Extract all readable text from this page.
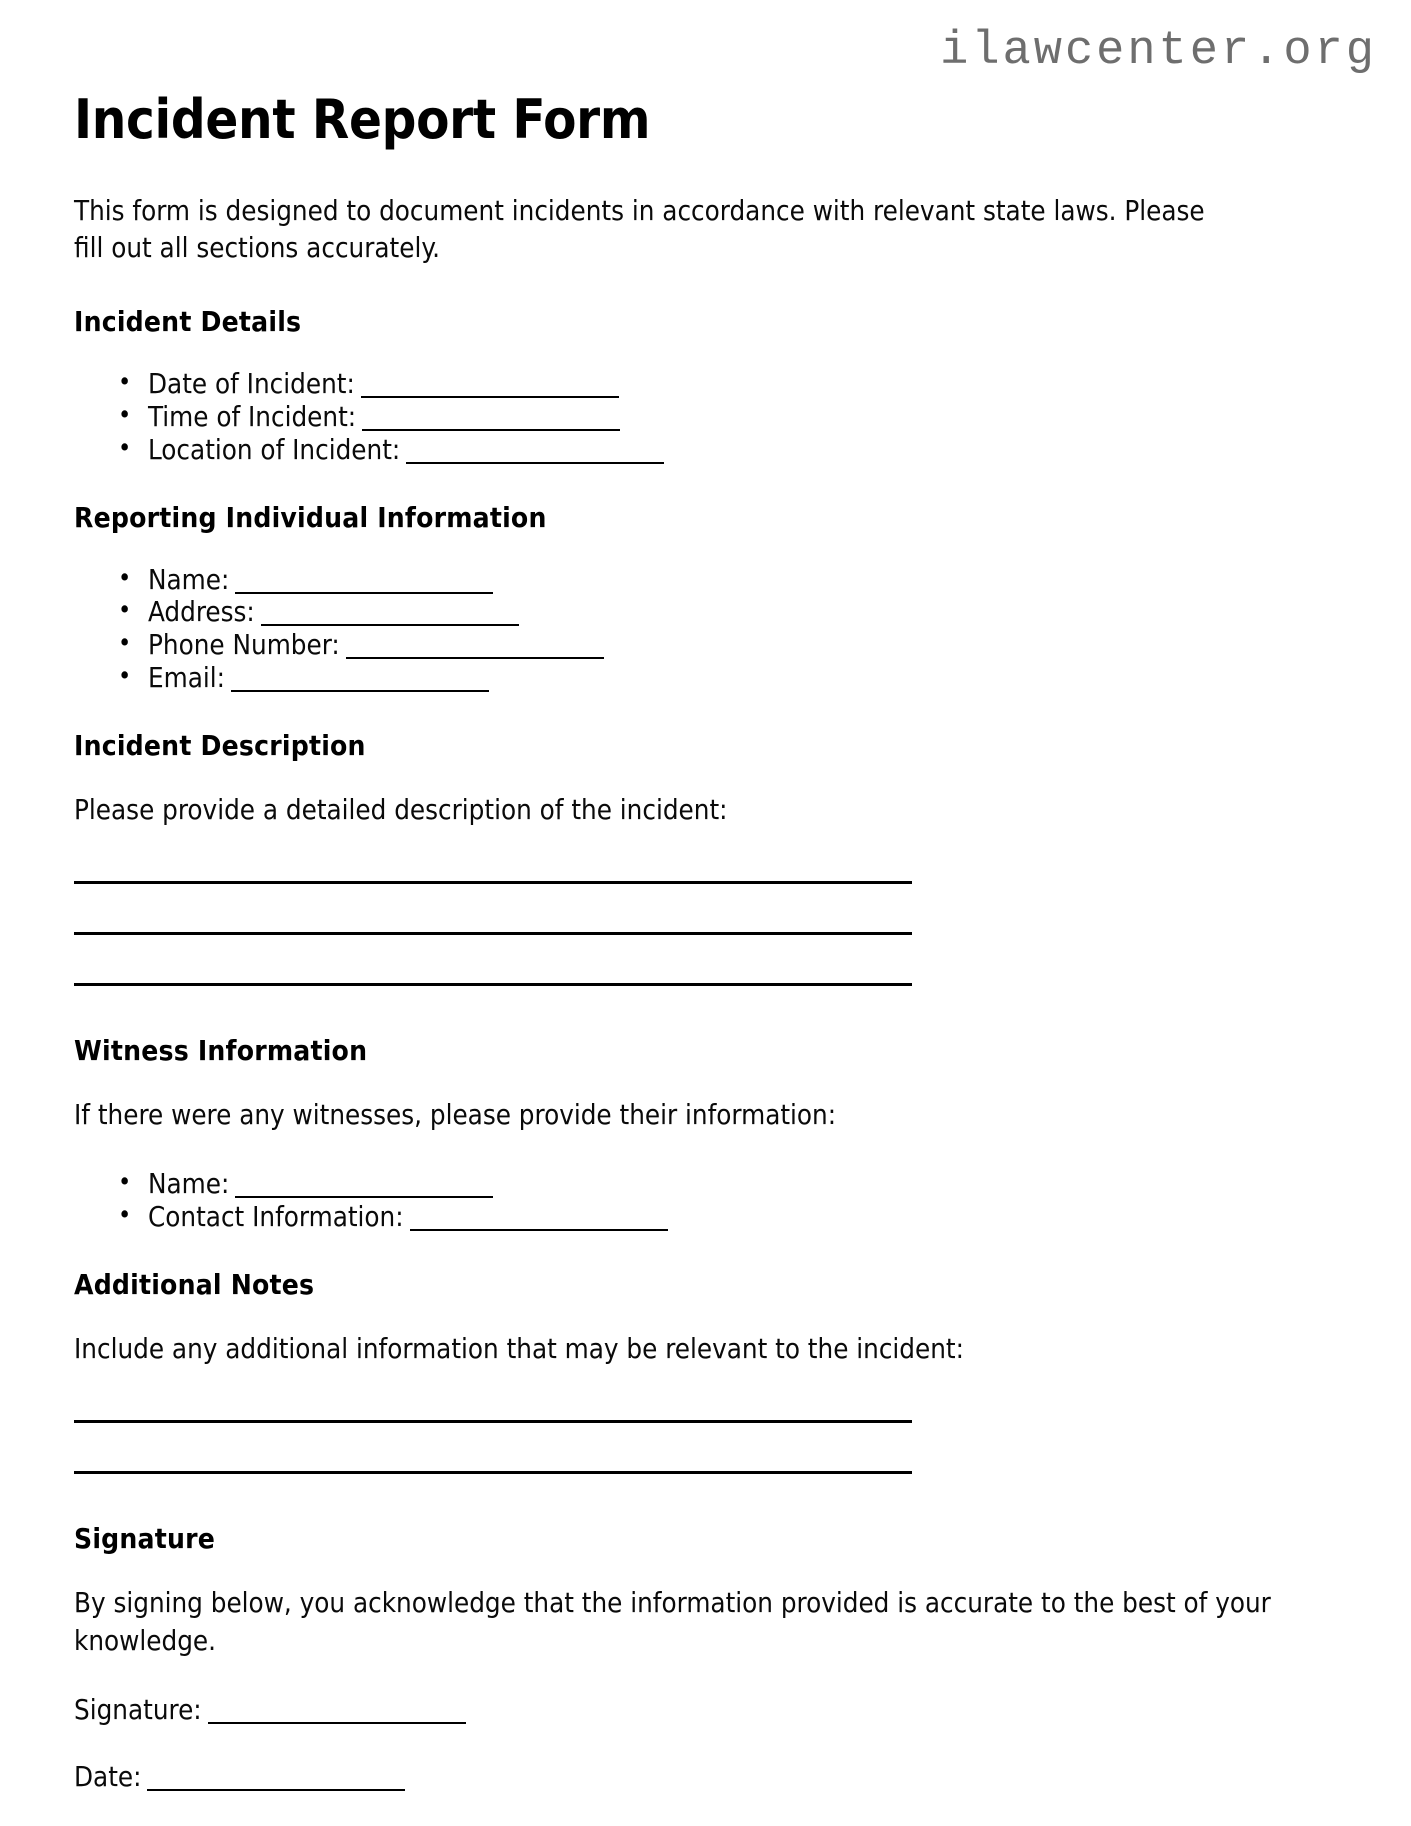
ilawcenter.org
Incident Report Form

This form is designed to document incidents in accordance with relevant state laws. Please fill out all sections accurately.

Incident Details
• Date of Incident:
• Time of Incident:
• Location of Incident:
Reporting Individual Information
• Name:
• Address:
• Phone Number:
• Email:
Incident Description

Please provide a detailed description of the incident:

Witness Information

If there were any witnesses, please provide their information:

• Name:
• Contact Information:
Additional Notes

Include any additional information that may be relevant to the incident:

Signature

By signing below, you acknowledge that the information provided is accurate to the best of your knowledge.

Signature:
Date:
